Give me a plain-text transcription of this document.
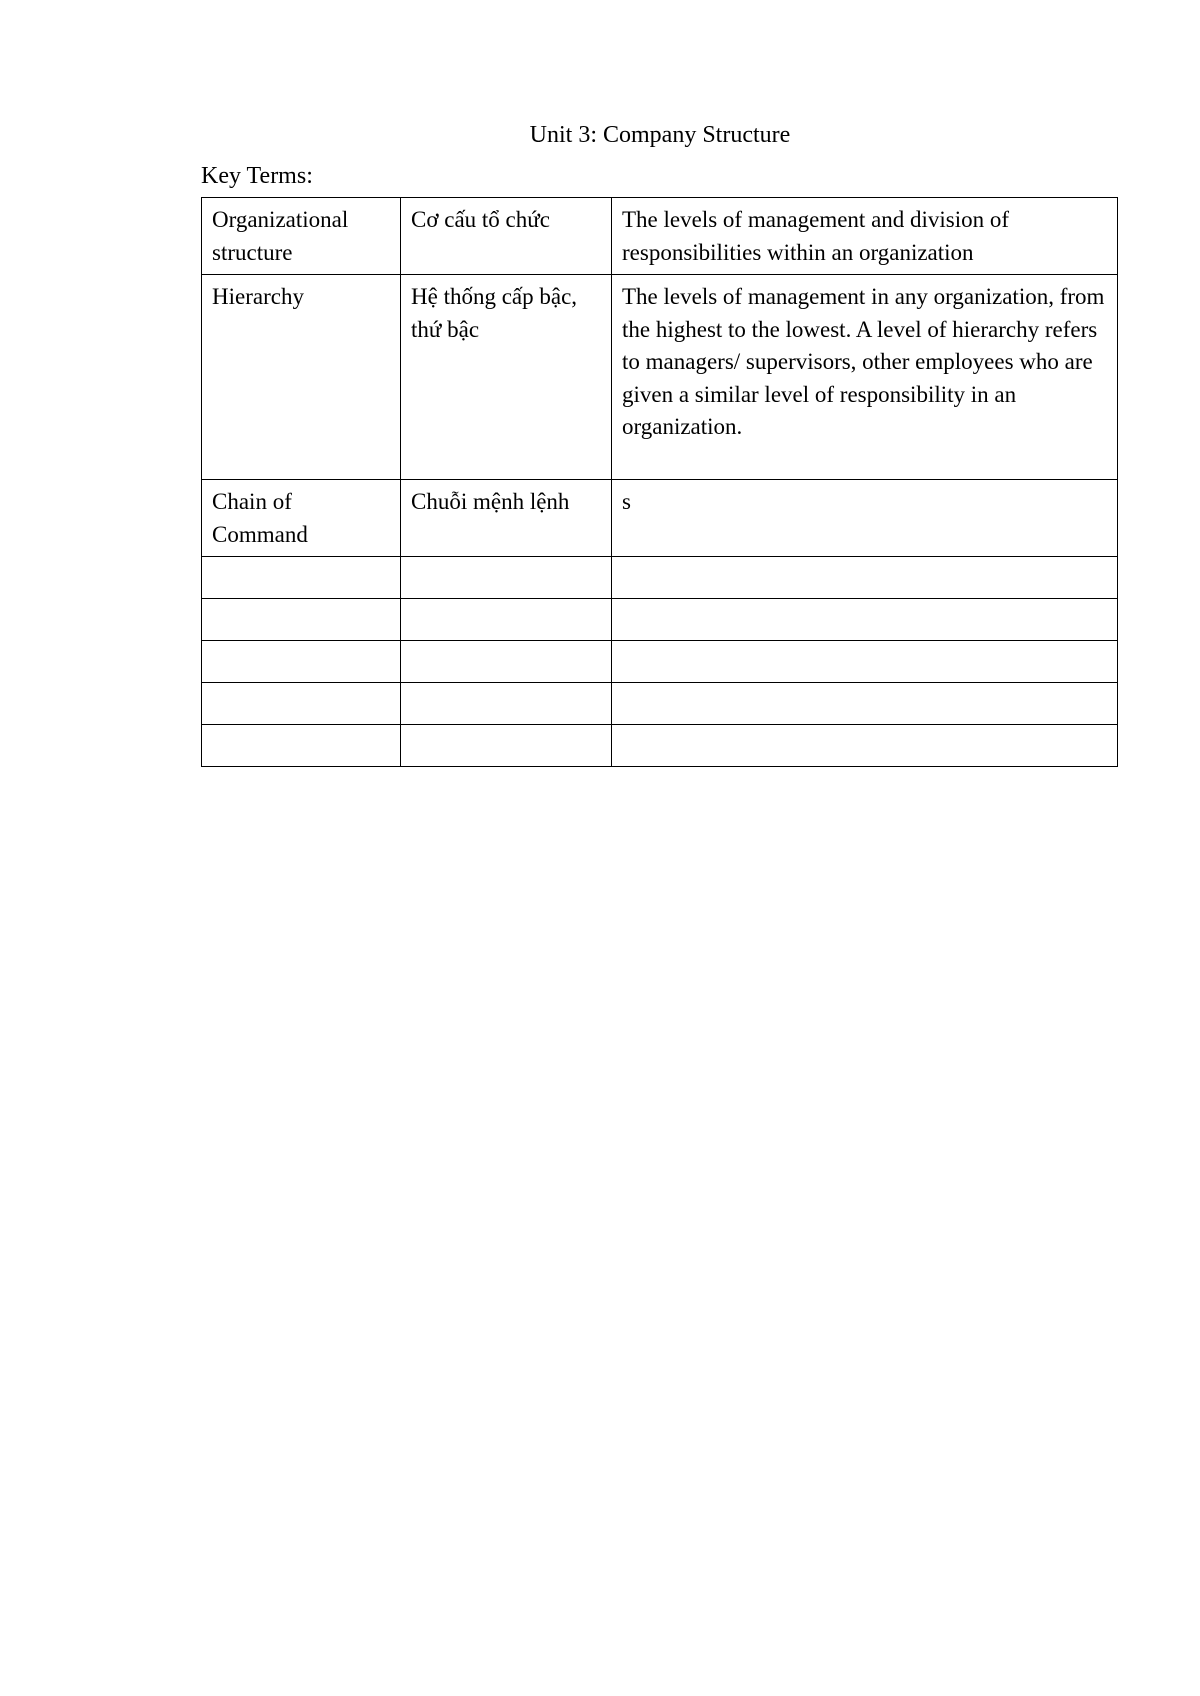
Unit 3: Company Structure
Key Terms:
Organizational structure	Cơ cấu tổ chức	The levels of management and division of responsibilities within an organization
Hierarchy	Hệ thống cấp bậc, thứ bậc	The levels of management in any organization, from the highest to the lowest. A level of hierarchy refers to managers/ supervisors, other employees who are given a similar level of responsibility in an organization.
Chain of Command	Chuỗi mệnh lệnh	s
